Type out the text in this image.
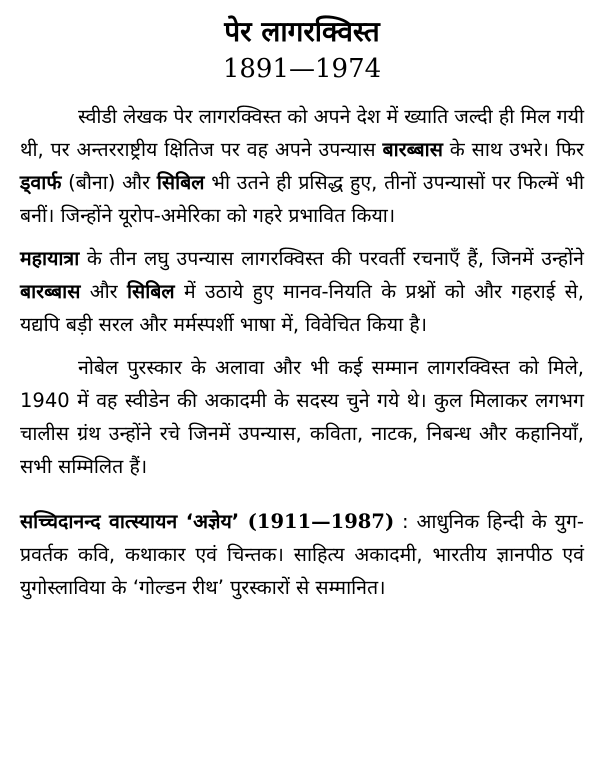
पेर लागरक्विस्त
1891—1974

स्वीडी लेखक पेर लागरक्विस्त को अपने देश में ख्याति जल्दी ही मिल गयी थी, पर अन्तरराष्ट्रीय क्षितिज पर वह अपने उपन्यास बारब्बास के साथ उभरे। फिर ड्वार्फ (बौना) और सिबिल भी उतने ही प्रसिद्ध हुए, तीनों उपन्यासों पर फिल्में भी बनीं। जिन्होंने यूरोप-अमेरिका को गहरे प्रभावित किया।

महायात्रा के तीन लघु उपन्यास लागरक्विस्त की परवर्ती रचनाएँ हैं, जिनमें उन्होंने बारब्बास और सिबिल में उठाये हुए मानव-नियति के प्रश्नों को और गहराई से, यद्यपि बड़ी सरल और मर्मस्पर्शी भाषा में, विवेचित किया है।

नोबेल पुरस्कार के अलावा और भी कई सम्मान लागरक्विस्त को मिले, 1940 में वह स्वीडेन की अकादमी के सदस्य चुने गये थे। कुल मिलाकर लगभग चालीस ग्रंथ उन्होंने रचे जिनमें उपन्यास, कविता, नाटक, निबन्ध और कहानियाँ, सभी सम्मिलित हैं।

सच्चिदानन्द वात्स्यायन ‘अज्ञेय’ (1911—1987) : आधुनिक हिन्दी के युग-प्रवर्तक कवि, कथाकार एवं चिन्तक। साहित्य अकादमी, भारतीय ज्ञानपीठ एवं युगोस्लाविया के ‘गोल्डन रीथ’ पुरस्कारों से सम्मानित।
